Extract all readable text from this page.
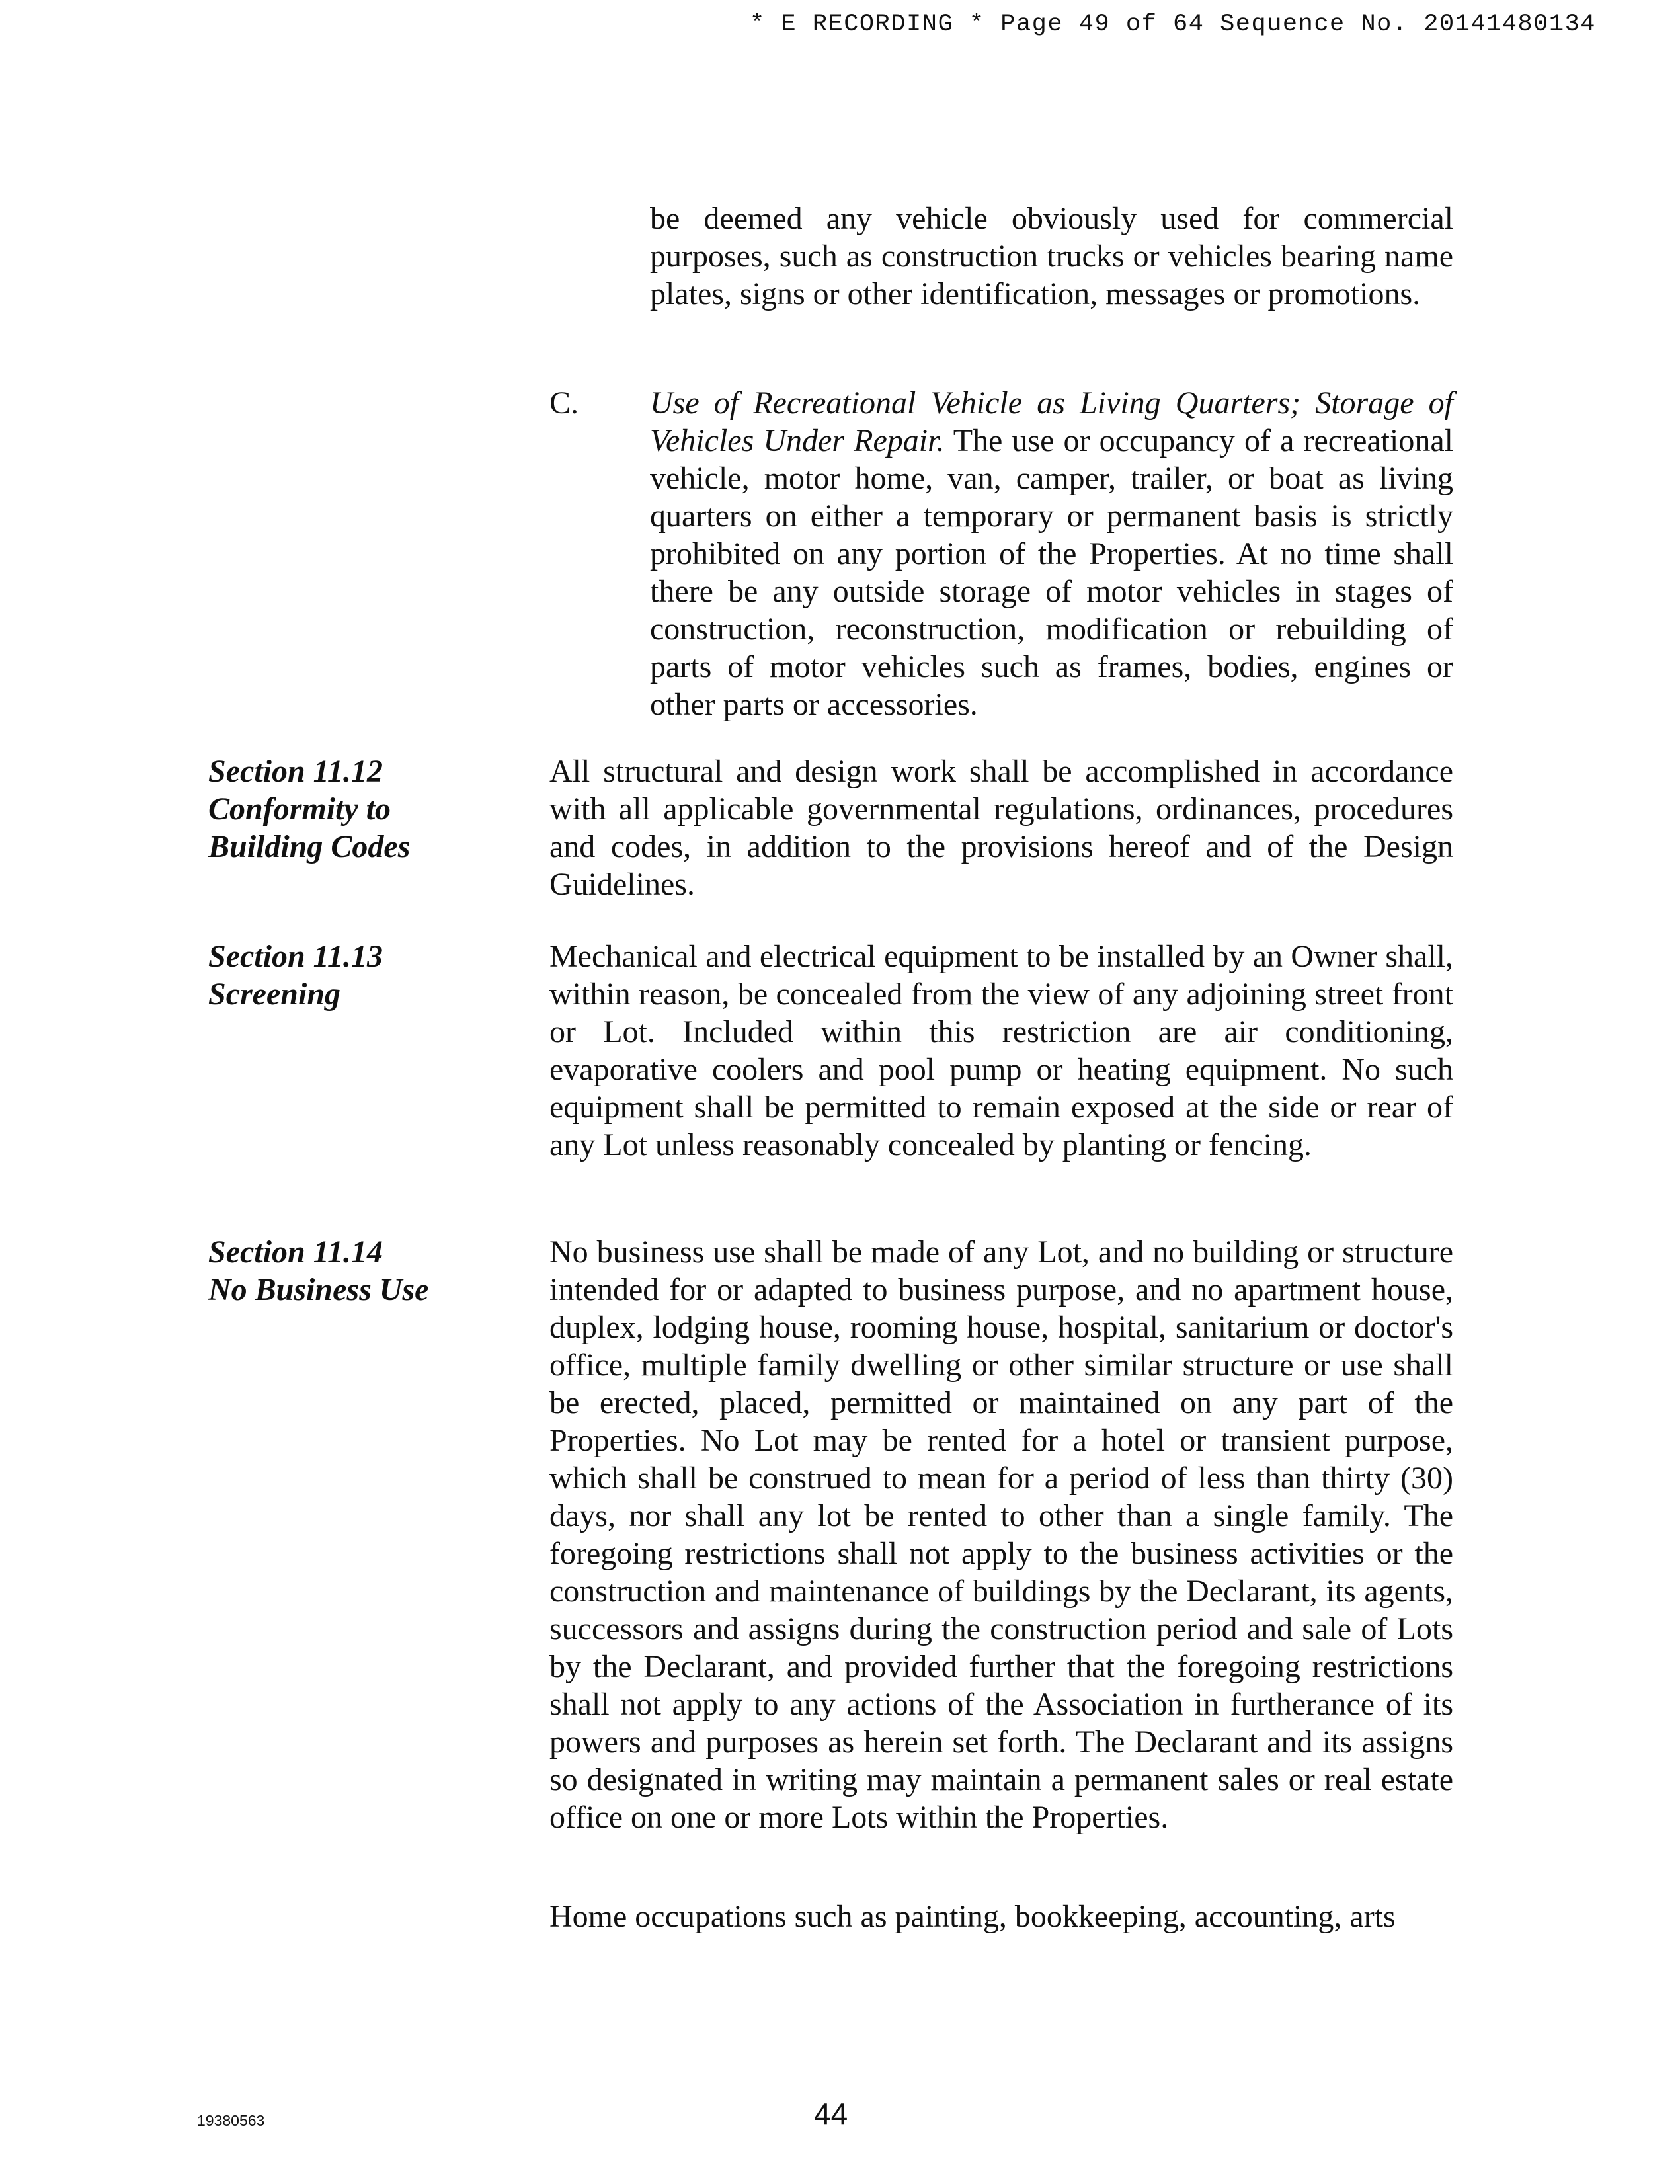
* E RECORDING * Page 49 of 64 Sequence No. 20141480134

be deemed any vehicle obviously used for commercial purposes, such as construction trucks or vehicles bearing name plates, signs or other identification, messages or promotions.

C. Use of Recreational Vehicle as Living Quarters; Storage of Vehicles Under Repair. The use or occupancy of a recreational vehicle, motor home, van, camper, trailer, or boat as living quarters on either a temporary or permanent basis is strictly prohibited on any portion of the Properties. At no time shall there be any outside storage of motor vehicles in stages of construction, reconstruction, modification or rebuilding of parts of motor vehicles such as frames, bodies, engines or other parts or accessories.

Section 11.12
Conformity to
Building Codes

All structural and design work shall be accomplished in accordance with all applicable governmental regulations, ordinances, procedures and codes, in addition to the provisions hereof and of the Design Guidelines.

Section 11.13
Screening

Mechanical and electrical equipment to be installed by an Owner shall, within reason, be concealed from the view of any adjoining street front or Lot. Included within this restriction are air conditioning, evaporative coolers and pool pump or heating equipment. No such equipment shall be permitted to remain exposed at the side or rear of any Lot unless reasonably concealed by planting or fencing.

Section 11.14
No Business Use

No business use shall be made of any Lot, and no building or structure intended for or adapted to business purpose, and no apartment house, duplex, lodging house, rooming house, hospital, sanitarium or doctor's office, multiple family dwelling or other similar structure or use shall be erected, placed, permitted or maintained on any part of the Properties. No Lot may be rented for a hotel or transient purpose, which shall be construed to mean for a period of less than thirty (30) days, nor shall any lot be rented to other than a single family. The foregoing restrictions shall not apply to the business activities or the construction and maintenance of buildings by the Declarant, its agents, successors and assigns during the construction period and sale of Lots by the Declarant, and provided further that the foregoing restrictions shall not apply to any actions of the Association in furtherance of its powers and purposes as herein set forth. The Declarant and its assigns so designated in writing may maintain a permanent sales or real estate office on one or more Lots within the Properties.

Home occupations such as painting, bookkeeping, accounting, arts

19380563	44
